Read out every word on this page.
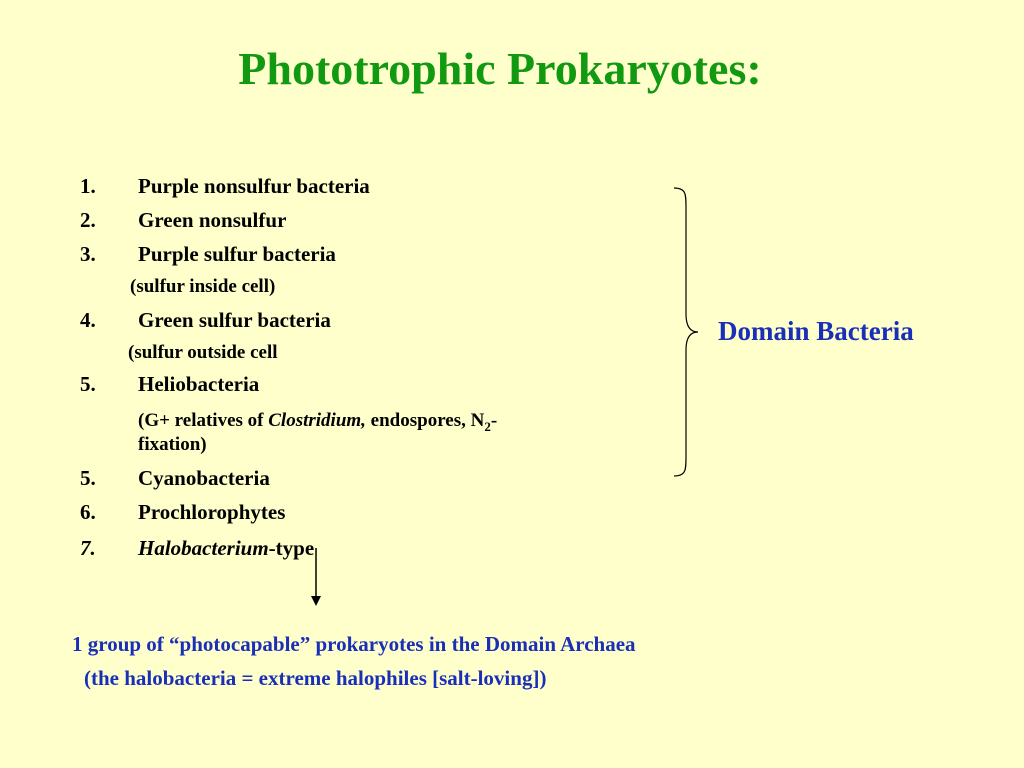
Phototrophic Prokaryotes:
1. Purple nonsulfur bacteria
2. Green nonsulfur
3. Purple sulfur bacteria
(sulfur inside cell)
4. Green sulfur bacteria
(sulfur outside cell
5. Heliobacteria
(G+ relatives of Clostridium, endospores, $N_2-$
fixation)
5. Cyanobacteria
6. Prochlorophytes
7. Halobacterium-type
Domain Bacteria
1 group of “photocapable” prokaryotes in the Domain Archaea
(the halobacteria = extreme halophiles [salt-loving])
